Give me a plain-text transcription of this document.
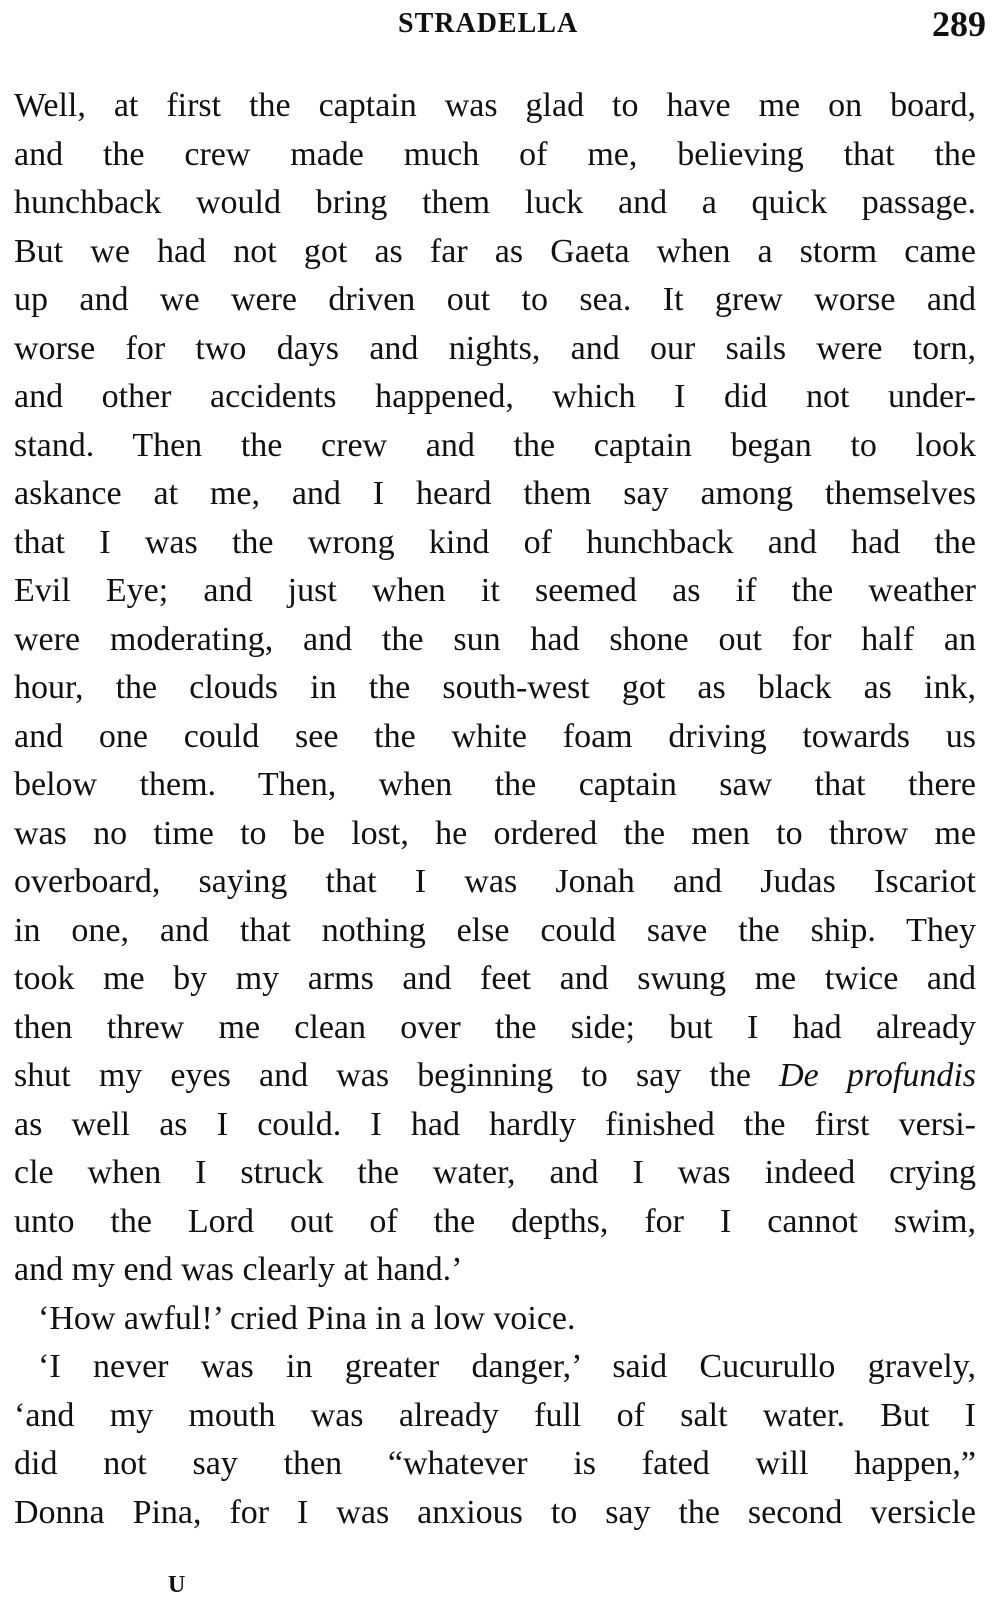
STRADELLA	289

Well, at first the captain was glad to have me on board,

and the crew made much of me, believing that the

hunchback would bring them luck and a quick passage.

But we had not got as far as Gaeta when a storm came

up and we were driven out to sea. It grew worse and

worse for two days and nights, and our sails were torn,

and other accidents happened, which I did not under-

stand. Then the crew and the captain began to look

askance at me, and I heard them say among themselves

that I was the wrong kind of hunchback and had the

Evil Eye; and just when it seemed as if the weather

were moderating, and the sun had shone out for half an

hour, the clouds in the south-west got as black as ink,

and one could see the white foam driving towards us

below them. Then, when the captain saw that there

was no time to be lost, he ordered the men to throw me

overboard, saying that I was Jonah and Judas Iscariot

in one, and that nothing else could save the ship. They

took me by my arms and feet and swung me twice and

then threw me clean over the side; but I had already

shut my eyes and was beginning to say the De profundis

as well as I could. I had hardly finished the first versi-

cle when I struck the water, and I was indeed crying

unto the Lord out of the depths, for I cannot swim,

and my end was clearly at hand.’

‘How awful!’ cried Pina in a low voice.

‘I never was in greater danger,’ said Cucurullo gravely,

‘and my mouth was already full of salt water. But I

did not say then “whatever is fated will happen,”

Donna Pina, for I was anxious to say the second versicle

U
